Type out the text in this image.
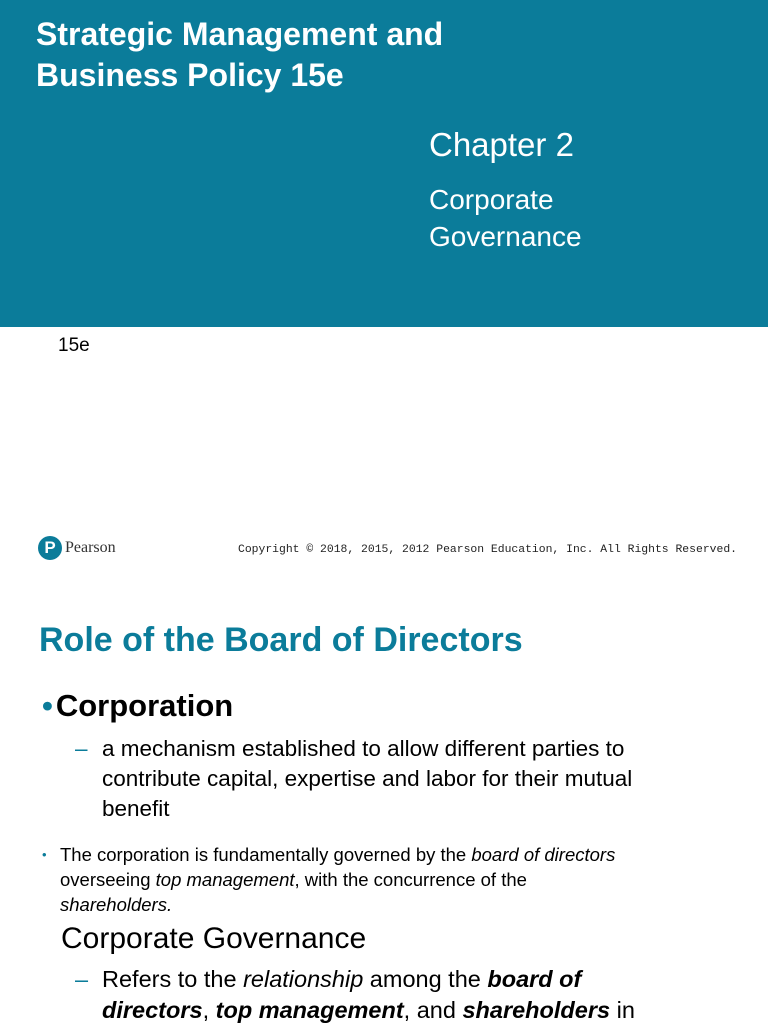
Strategic Management and
Business Policy 15e
Chapter 2
Corporate
Governance
15e
P Pearson	Copyright © 2018, 2015, 2012 Pearson Education, Inc. All Rights Reserved.
Role of the Board of Directors
•Corporation
– a mechanism established to allow different parties to
contribute capital, expertise and labor for their mutual
benefit
• The corporation is fundamentally governed by the board of directors
overseeing top management, with the concurrence of the
shareholders.
Corporate Governance
– Refers to the relationship among the board of
directors, top management, and shareholders in
